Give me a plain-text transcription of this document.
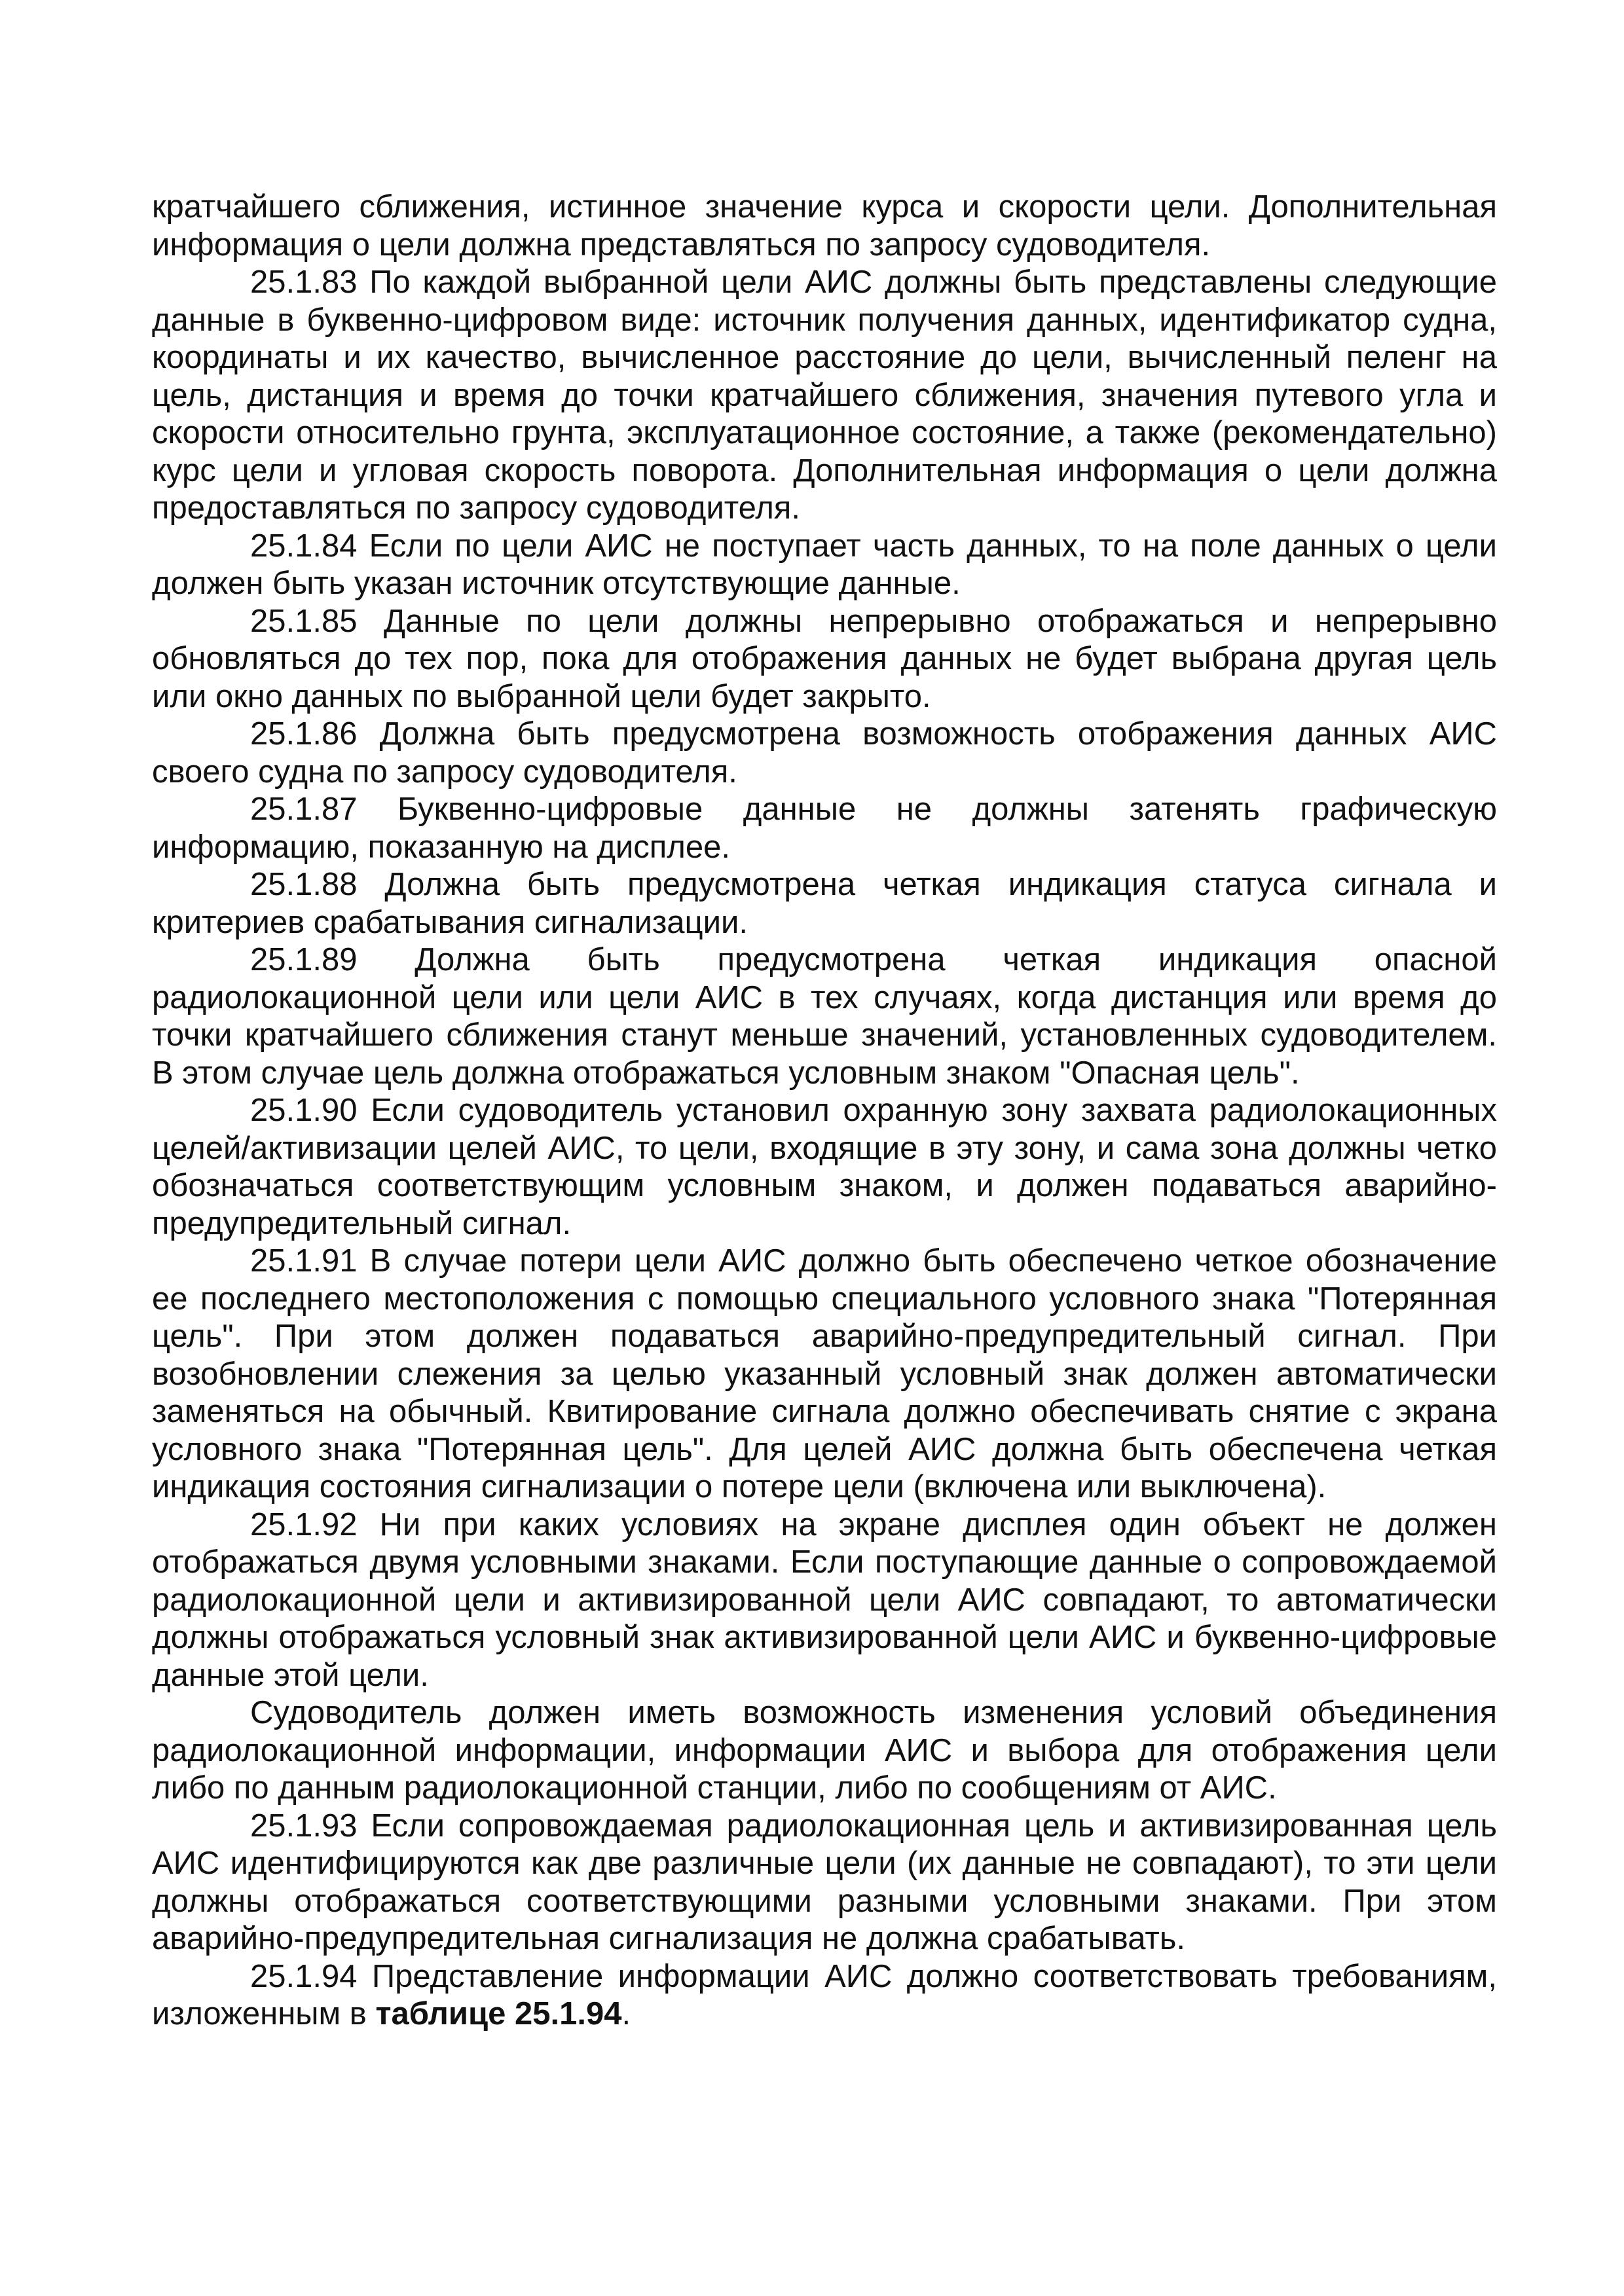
кратчайшего сближения, истинное значение курса и скорости цели. Дополнительная информация о цели должна представляться по запросу судоводителя.

25.1.83 По каждой выбранной цели АИС должны быть представлены следующие данные в буквенно-цифровом виде: источник получения данных, идентификатор судна, координаты и их качество, вычисленное расстояние до цели, вычисленный пеленг на цель, дистанция и время до точки кратчайшего сближения, значения путевого угла и скорости относительно грунта, эксплуатационное состояние, а также (рекомендательно) курс цели и угловая скорость поворота. Дополнительная информация о цели должна предоставляться по запросу судоводителя.

25.1.84 Если по цели АИС не поступает часть данных, то на поле данных о цели должен быть указан источник отсутствующие данные.

25.1.85 Данные по цели должны непрерывно отображаться и непрерывно обновляться до тех пор, пока для отображения данных не будет выбрана другая цель или окно данных по выбранной цели будет закрыто.

25.1.86 Должна быть предусмотрена возможность отображения данных АИС своего судна по запросу судоводителя.

25.1.87 Буквенно-цифровые данные не должны затенять графическую информацию, показанную на дисплее.

25.1.88 Должна быть предусмотрена четкая индикация статуса сигнала и критериев срабатывания сигнализации.

25.1.89 Должна быть предусмотрена четкая индикация опасной радиолокационной цели или цели АИС в тех случаях, когда дистанция или время до точки кратчайшего сближения станут меньше значений, установленных судоводителем. В этом случае цель должна отображаться условным знаком "Опасная цель".

25.1.90 Если судоводитель установил охранную зону захвата радиолокационных целей/активизации целей АИС, то цели, входящие в эту зону, и сама зона должны четко обозначаться соответствующим условным знаком, и должен подаваться аварийно-предупредительный сигнал.

25.1.91 В случае потери цели АИС должно быть обеспечено четкое обозначение ее последнего местоположения с помощью специального условного знака "Потерянная цель". При этом должен подаваться аварийно-предупредительный сигнал. При возобновлении слежения за целью указанный условный знак должен автоматически заменяться на обычный. Квитирование сигнала должно обеспечивать снятие с экрана условного знака "Потерянная цель". Для целей АИС должна быть обеспечена четкая индикация состояния сигнализации о потере цели (включена или выключена).

25.1.92 Ни при каких условиях на экране дисплея один объект не должен отображаться двумя условными знаками. Если поступающие данные о сопровождаемой радиолокационной цели и активизированной цели АИС совпадают, то автоматически должны отображаться условный знак активизированной цели АИС и буквенно-цифровые данные этой цели.

Судоводитель должен иметь возможность изменения условий объединения радиолокационной информации, информации АИС и выбора для отображения цели либо по данным радиолокационной станции, либо по сообщениям от АИС.

25.1.93 Если сопровождаемая радиолокационная цель и активизированная цель АИС идентифицируются как две различные цели (их данные не совпадают), то эти цели должны отображаться соответствующими разными условными знаками. При этом аварийно-предупредительная сигнализация не должна срабатывать.

25.1.94 Представление информации АИС должно соответствовать требованиям, изложенным в таблице 25.1.94.
